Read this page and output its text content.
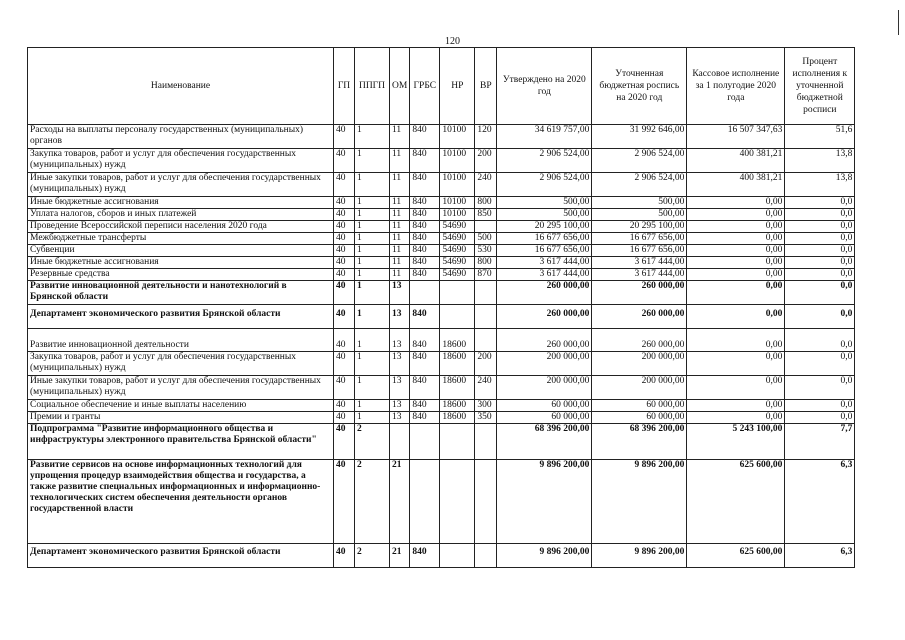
120
Наименование	ГП	ППГП	ОМ	ГРБС	НР	ВР	Утверждено на 2020 год	Уточненная бюджетная роспись на 2020 год	Кассовое исполнение за 1 полугодие 2020 года	Процент исполнения к уточненной бюджетной росписи
Расходы на выплаты персоналу государственных (муниципальных) органов	40	1	11	840	10100	120	34 619 757,00	31 992 646,00	16 507 347,63	51,6
Закупка товаров, работ и услуг для обеспечения государственных (муниципальных) нужд	40	1	11	840	10100	200	2 906 524,00	2 906 524,00	400 381,21	13,8
Иные закупки товаров, работ и услуг для обеспечения государственных (муниципальных) нужд	40	1	11	840	10100	240	2 906 524,00	2 906 524,00	400 381,21	13,8
Иные бюджетные ассигнования	40	1	11	840	10100	800	500,00	500,00	0,00	0,0
Уплата налогов, сборов и иных платежей	40	1	11	840	10100	850	500,00	500,00	0,00	0,0
Проведение Всероссийской переписи населения 2020 года	40	1	11	840	54690		20 295 100,00	20 295 100,00	0,00	0,0
Межбюджетные трансферты	40	1	11	840	54690	500	16 677 656,00	16 677 656,00	0,00	0,0
Субвенции	40	1	11	840	54690	530	16 677 656,00	16 677 656,00	0,00	0,0
Иные бюджетные ассигнования	40	1	11	840	54690	800	3 617 444,00	3 617 444,00	0,00	0,0
Резервные средства	40	1	11	840	54690	870	3 617 444,00	3 617 444,00	0,00	0,0
Развитие инновационной деятельности и нанотехнологий в Брянской области	40	1	13				260 000,00	260 000,00	0,00	0,0
Департамент экономического развития Брянской области	40	1	13	840			260 000,00	260 000,00	0,00	0,0
Развитие инновационной деятельности	40	1	13	840	18600		260 000,00	260 000,00	0,00	0,0
Закупка товаров, работ и услуг для обеспечения государственных (муниципальных) нужд	40	1	13	840	18600	200	200 000,00	200 000,00	0,00	0,0
Иные закупки товаров, работ и услуг для обеспечения государственных (муниципальных) нужд	40	1	13	840	18600	240	200 000,00	200 000,00	0,00	0,0
Социальное обеспечение и иные выплаты населению	40	1	13	840	18600	300	60 000,00	60 000,00	0,00	0,0
Премии и гранты	40	1	13	840	18600	350	60 000,00	60 000,00	0,00	0,0
Подпрограмма "Развитие информационного общества и инфраструктуры электронного правительства Брянской области"	40	2					68 396 200,00	68 396 200,00	5 243 100,00	7,7
Развитие сервисов на основе информационных технологий для упрощения процедур взаимодействия общества и государства, а также развитие специальных информационных и информационно-технологических систем обеспечения деятельности органов государственной власти	40	2	21				9 896 200,00	9 896 200,00	625 600,00	6,3
Департамент экономического развития Брянской области	40	2	21	840			9 896 200,00	9 896 200,00	625 600,00	6,3
